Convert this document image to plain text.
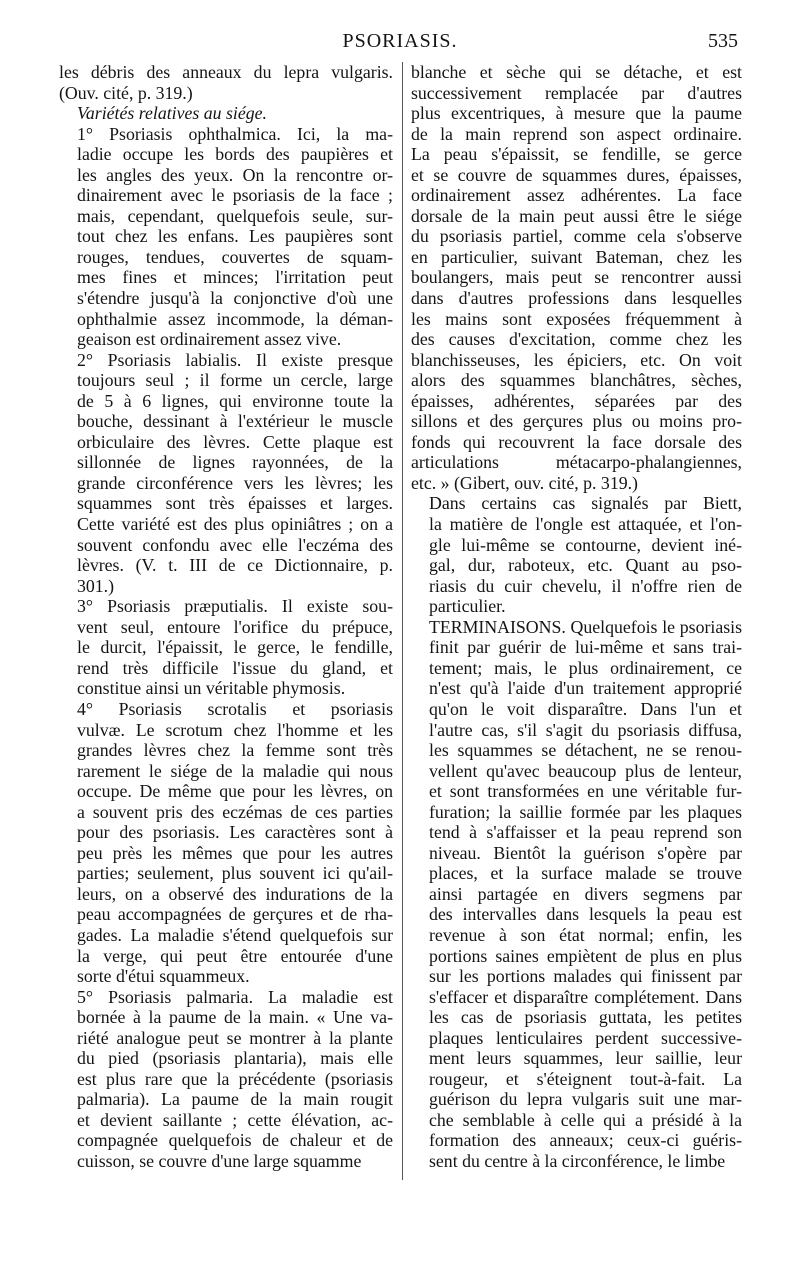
PSORIASIS.	535

les débris des anneaux du lepra vulgaris.
(Ouv. cité, p. 319.)

Variétés relatives au siége.

1° Psoriasis ophthalmica. Ici, la ma-
ladie occupe les bords des paupières et
les angles des yeux. On la rencontre or-
dinairement avec le psoriasis de la face ;
mais, cependant, quelquefois seule, sur-
tout chez les enfans. Les paupières sont
rouges, tendues, couvertes de squam-
mes fines et minces; l'irritation peut
s'étendre jusqu'à la conjonctive d'où une
ophthalmie assez incommode, la déman-
geaison est ordinairement assez vive.

2° Psoriasis labialis. Il existe presque
toujours seul ; il forme un cercle, large
de 5 à 6 lignes, qui environne toute la
bouche, dessinant à l'extérieur le muscle
orbiculaire des lèvres. Cette plaque est
sillonnée de lignes rayonnées, de la
grande circonférence vers les lèvres; les
squammes sont très épaisses et larges.
Cette variété est des plus opiniâtres ; on a
souvent confondu avec elle l'eczéma des
lèvres. (V. t. III de ce Dictionnaire, p.
301.)

3° Psoriasis præputialis. Il existe sou-
vent seul, entoure l'orifice du prépuce,
le durcit, l'épaissit, le gerce, le fendille,
rend très difficile l'issue du gland, et
constitue ainsi un véritable phymosis.

4° Psoriasis scrotalis et psoriasis
vulvæ. Le scrotum chez l'homme et les
grandes lèvres chez la femme sont très
rarement le siége de la maladie qui nous
occupe. De même que pour les lèvres, on
a souvent pris des eczémas de ces parties
pour des psoriasis. Les caractères sont à
peu près les mêmes que pour les autres
parties; seulement, plus souvent ici qu'ail-
leurs, on a observé des indurations de la
peau accompagnées de gerçures et de rha-
gades. La maladie s'étend quelquefois sur
la verge, qui peut être entourée d'une
sorte d'étui squammeux.

5° Psoriasis palmaria. La maladie est
bornée à la paume de la main. « Une va-
riété analogue peut se montrer à la plante
du pied (psoriasis plantaria), mais elle
est plus rare que la précédente (psoriasis
palmaria). La paume de la main rougit
et devient saillante ; cette élévation, ac-
compagnée quelquefois de chaleur et de
cuisson, se couvre d'une large squamme

blanche et sèche qui se détache, et est
successivement remplacée par d'autres
plus excentriques, à mesure que la paume
de la main reprend son aspect ordinaire.
La peau s'épaissit, se fendille, se gerce
et se couvre de squammes dures, épaisses,
ordinairement assez adhérentes. La face
dorsale de la main peut aussi être le siége
du psoriasis partiel, comme cela s'observe
en particulier, suivant Bateman, chez les
boulangers, mais peut se rencontrer aussi
dans d'autres professions dans lesquelles
les mains sont exposées fréquemment à
des causes d'excitation, comme chez les
blanchisseuses, les épiciers, etc. On voit
alors des squammes blanchâtres, sèches,
épaisses, adhérentes, séparées par des
sillons et des gerçures plus ou moins pro-
fonds qui recouvrent la face dorsale des
articulations métacarpo-phalangiennes,
etc. » (Gibert, ouv. cité, p. 319.)

Dans certains cas signalés par Biett,
la matière de l'ongle est attaquée, et l'on-
gle lui-même se contourne, devient iné-
gal, dur, raboteux, etc. Quant au pso-
riasis du cuir chevelu, il n'offre rien de
particulier.

TERMINAISONS. Quelquefois le psoriasis
finit par guérir de lui-même et sans trai-
tement; mais, le plus ordinairement, ce
n'est qu'à l'aide d'un traitement approprié
qu'on le voit disparaître. Dans l'un et
l'autre cas, s'il s'agit du psoriasis diffusa,
les squammes se détachent, ne se renou-
vellent qu'avec beaucoup plus de lenteur,
et sont transformées en une véritable fur-
furation; la saillie formée par les plaques
tend à s'affaisser et la peau reprend son
niveau. Bientôt la guérison s'opère par
places, et la surface malade se trouve
ainsi partagée en divers segmens par
des intervalles dans lesquels la peau est
revenue à son état normal; enfin, les
portions saines empiètent de plus en plus
sur les portions malades qui finissent par
s'effacer et disparaître complétement. Dans
les cas de psoriasis guttata, les petites
plaques lenticulaires perdent successive-
ment leurs squammes, leur saillie, leur
rougeur, et s'éteignent tout-à-fait. La
guérison du lepra vulgaris suit une mar-
che semblable à celle qui a présidé à la
formation des anneaux; ceux-ci guéris-
sent du centre à la circonférence, le limbe
